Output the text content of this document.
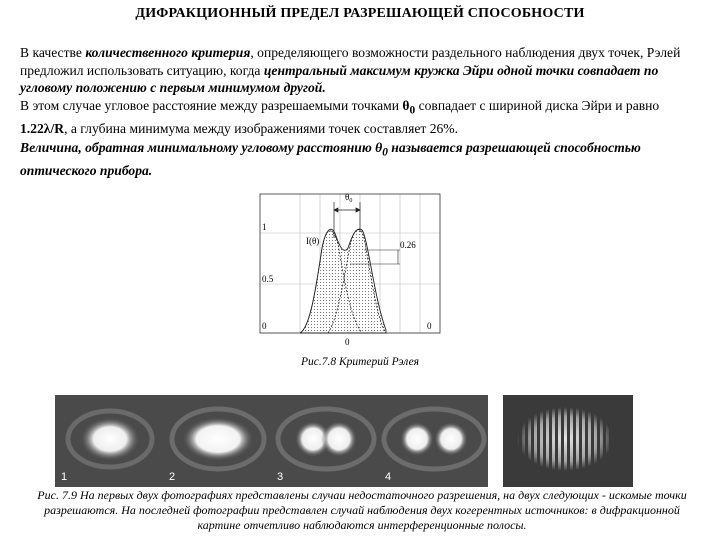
ДИФРАКЦИОННЫЙ ПРЕДЕЛ РАЗРЕШАЮЩЕЙ СПОСОБНОСТИ
В качестве количественного критерия, определяющего возможности раздельного наблюдения двух точек, Рэлей предложил использовать ситуацию, когда центральный максимум кружка Эйри одной точки совпадает по угловому положению с первым минимумом другой.
В этом случае угловое расстояние между разрешаемыми точками $\theta_0$ совпадает с шириной диска Эйри и равно 1.22λ/R, а глубина минимума между изображениями точек составляет 26%.
Величина, обратная минимальному угловому расстоянию $\theta_0$ называется разрешающей способностью оптического прибора.
$\theta_0$
1
0.5
0	0
0
I(θ)	0.26
Рис.7.8 Критерий Рэлея
1	2	3	4
Рис. 7.9 На первых двух фотографиях представлены случаи недостаточного разрешения, на двух следующих - искомые точки разрешаются. На последней фотографии представлен случай наблюдения двух когерентных источников: в дифракционной картине отчетливо наблюдаются интерференционные полосы.
